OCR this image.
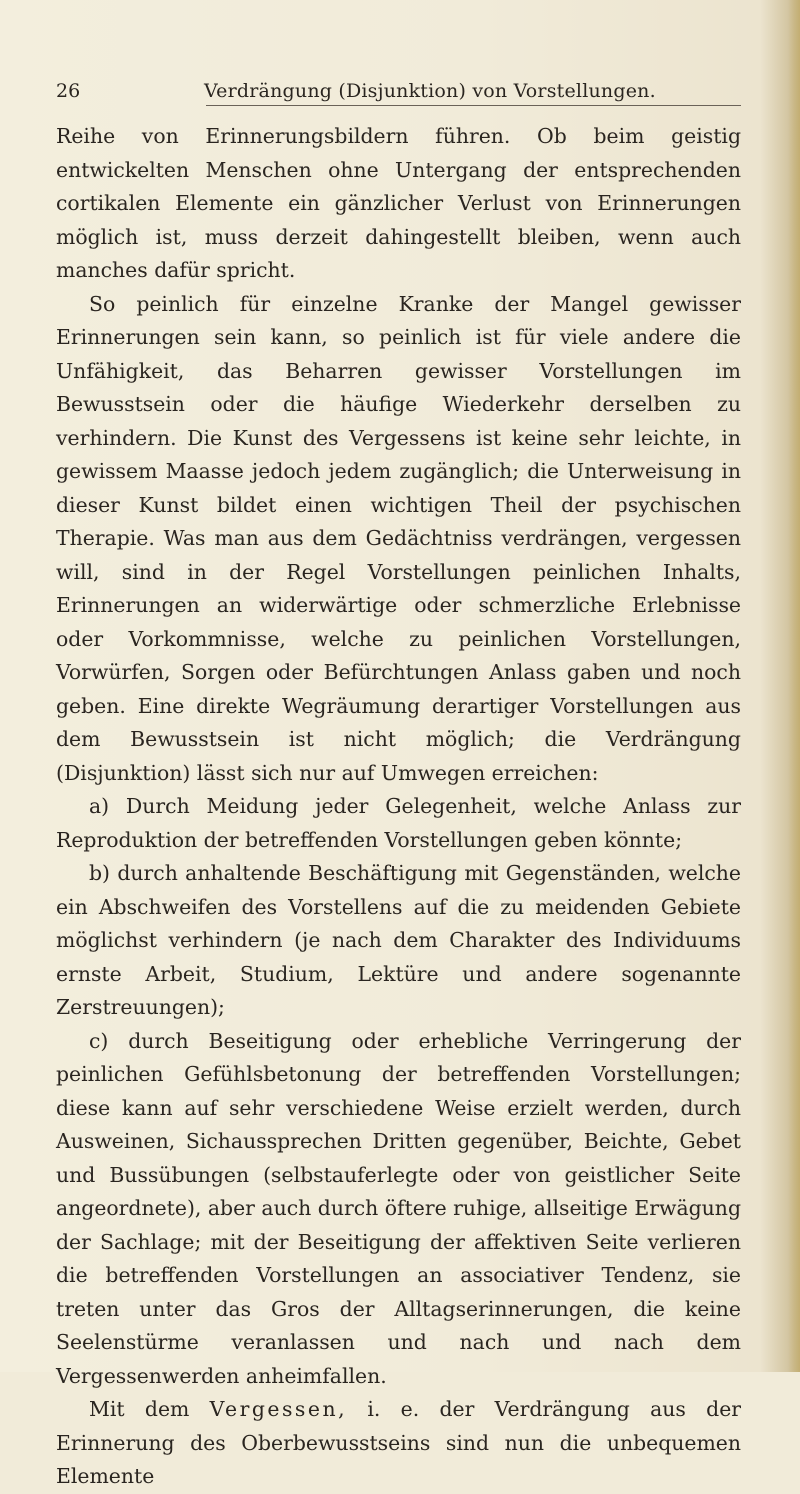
26	Verdrängung (Disjunktion) von Vorstellungen.

Reihe von Erinnerungsbildern führen. Ob beim geistig entwickelten Menschen ohne Untergang der entsprechenden cortikalen Elemente ein gänzlicher Verlust von Erinnerungen möglich ist, muss derzeit dahingestellt bleiben, wenn auch manches dafür spricht.

So peinlich für einzelne Kranke der Mangel gewisser Erinnerungen sein kann, so peinlich ist für viele andere die Unfähigkeit, das Beharren gewisser Vorstellungen im Bewusstsein oder die häufige Wiederkehr derselben zu verhindern. Die Kunst des Vergessens ist keine sehr leichte, in gewissem Maasse jedoch jedem zugänglich; die Unterweisung in dieser Kunst bildet einen wichtigen Theil der psychischen Therapie. Was man aus dem Gedächtniss verdrängen, vergessen will, sind in der Regel Vorstellungen peinlichen Inhalts, Erinnerungen an widerwärtige oder schmerzliche Erlebnisse oder Vorkommnisse, welche zu peinlichen Vorstellungen, Vorwürfen, Sorgen oder Befürchtungen Anlass gaben und noch geben. Eine direkte Wegräumung derartiger Vorstellungen aus dem Bewusstsein ist nicht möglich; die Verdrängung (Disjunktion) lässt sich nur auf Umwegen erreichen:

a) Durch Meidung jeder Gelegenheit, welche Anlass zur Reproduktion der betreffenden Vorstellungen geben könnte;

b) durch anhaltende Beschäftigung mit Gegenständen, welche ein Abschweifen des Vorstellens auf die zu meidenden Gebiete möglichst verhindern (je nach dem Charakter des Individuums ernste Arbeit, Studium, Lektüre und andere sogenannte Zerstreuungen);

c) durch Beseitigung oder erhebliche Verringerung der peinlichen Gefühlsbetonung der betreffenden Vorstellungen; diese kann auf sehr verschiedene Weise erzielt werden, durch Ausweinen, Sichaussprechen Dritten gegenüber, Beichte, Gebet und Bussübungen (selbstauferlegte oder von geistlicher Seite angeordnete), aber auch durch öftere ruhige, allseitige Erwägung der Sachlage; mit der Beseitigung der affektiven Seite verlieren die betreffenden Vorstellungen an associativer Tendenz, sie treten unter das Gros der Alltagserinnerungen, die keine Seelenstürme veranlassen und nach und nach dem Vergessenwerden anheimfallen.

Mit dem Vergessen, i. e. der Verdrängung aus der Erinnerung des Oberbewusstseins sind nun die unbequemen Elemente
